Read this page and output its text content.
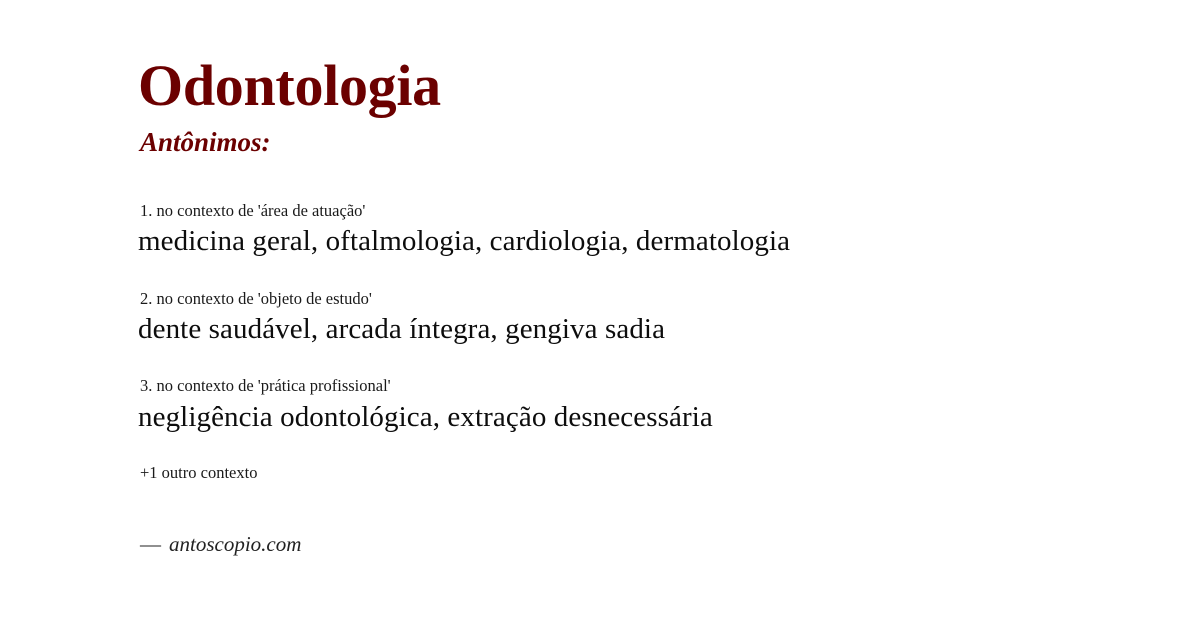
Odontologia
Antônimos:
1. no contexto de 'área de atuação'
medicina geral, oftalmologia, cardiologia, dermatologia
2. no contexto de 'objeto de estudo'
dente saudável, arcada íntegra, gengiva sadia
3. no contexto de 'prática profissional'
negligência odontológica, extração desnecessária
+1 outro contexto
— antoscopio.com
